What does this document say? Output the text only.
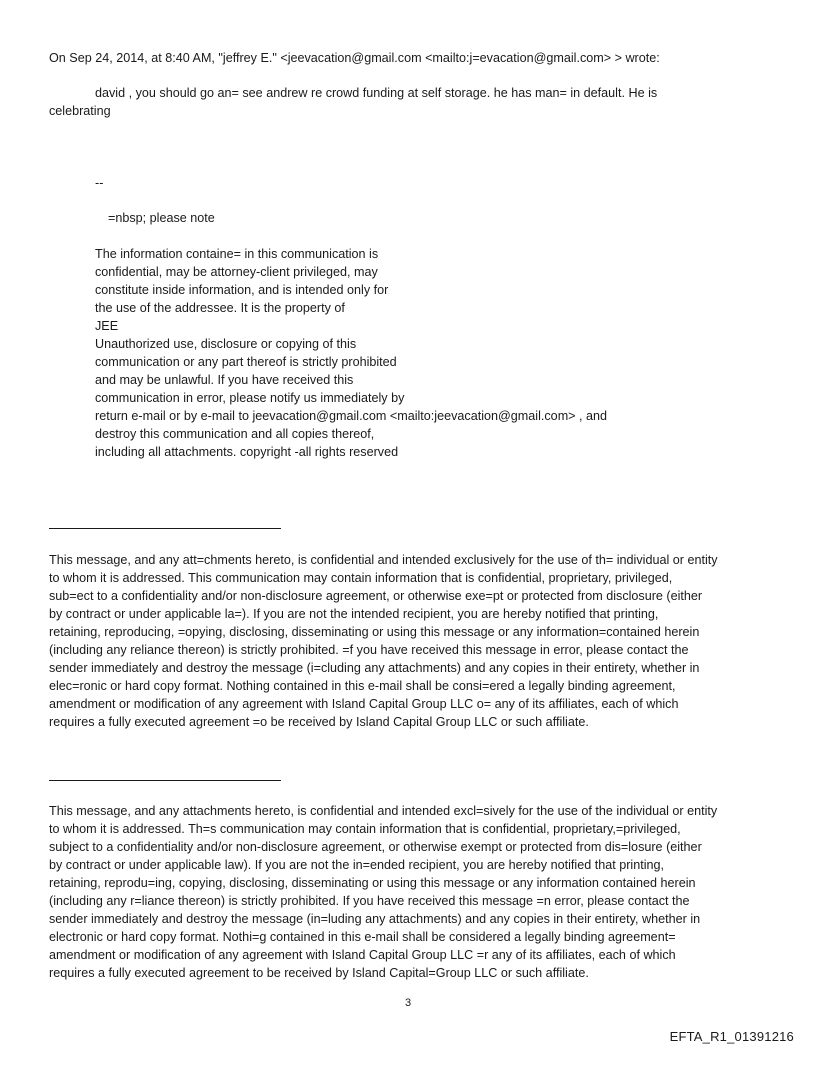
On Sep 24, 2014, at 8:40 AM, "jeffrey E." <jeevacation@gmail.com <mailto:j=evacation@gmail.com> > wrote:

david , you should go an= see andrew re crowd funding at self storage. he has man= in default. He is

celebrating

--

=nbsp; please note

The information containe= in this communication is
confidential, may be attorney-client privileged, may
constitute inside information, and is intended only for
the use of the addressee. It is the property of
JEE
Unauthorized use, disclosure or copying of this
communication or any part thereof is strictly prohibited
and may be unlawful. If you have received this
communication in error, please notify us immediately by
return e-mail or by e-mail to jeevacation@gmail.com <mailto:jeevacation@gmail.com> , and
destroy this communication and all copies thereof,
including all attachments. copyright -all rights reserved
This message, and any att=chments hereto, is confidential and intended exclusively for the use of th= individual or entity
to whom it is addressed. This communication may contain information that is confidential, proprietary, privileged,
sub=ect to a confidentiality and/or non-disclosure agreement, or otherwise exe=pt or protected from disclosure (either
by contract or under applicable la=). If you are not the intended recipient, you are hereby notified that printing,
retaining, reproducing, =opying, disclosing, disseminating or using this message or any information=contained herein
(including any reliance thereon) is strictly prohibited. =f you have received this message in error, please contact the
sender immediately and destroy the message (i=cluding any attachments) and any copies in their entirety, whether in
elec=ronic or hard copy format. Nothing contained in this e-mail shall be consi=ered a legally binding agreement,
amendment or modification of any agreement with Island Capital Group LLC o= any of its affiliates, each of which
requires a fully executed agreement =o be received by Island Capital Group LLC or such affiliate.
This message, and any attachments hereto, is confidential and intended excl=sively for the use of the individual or entity
to whom it is addressed. Th=s communication may contain information that is confidential, proprietary,=privileged,
subject to a confidentiality and/or non-disclosure agreement, or otherwise exempt or protected from dis=losure (either
by contract or under applicable law). If you are not the in=ended recipient, you are hereby notified that printing,
retaining, reprodu=ing, copying, disclosing, disseminating or using this message or any information contained herein
(including any r=liance thereon) is strictly prohibited. If you have received this message =n error, please contact the
sender immediately and destroy the message (in=luding any attachments) and any copies in their entirety, whether in
electronic or hard copy format. Nothi=g contained in this e-mail shall be considered a legally binding agreement=
amendment or modification of any agreement with Island Capital Group LLC =r any of its affiliates, each of which
requires a fully executed agreement to be received by Island Capital=Group LLC or such affiliate.
3
EFTA_R1_01391216
